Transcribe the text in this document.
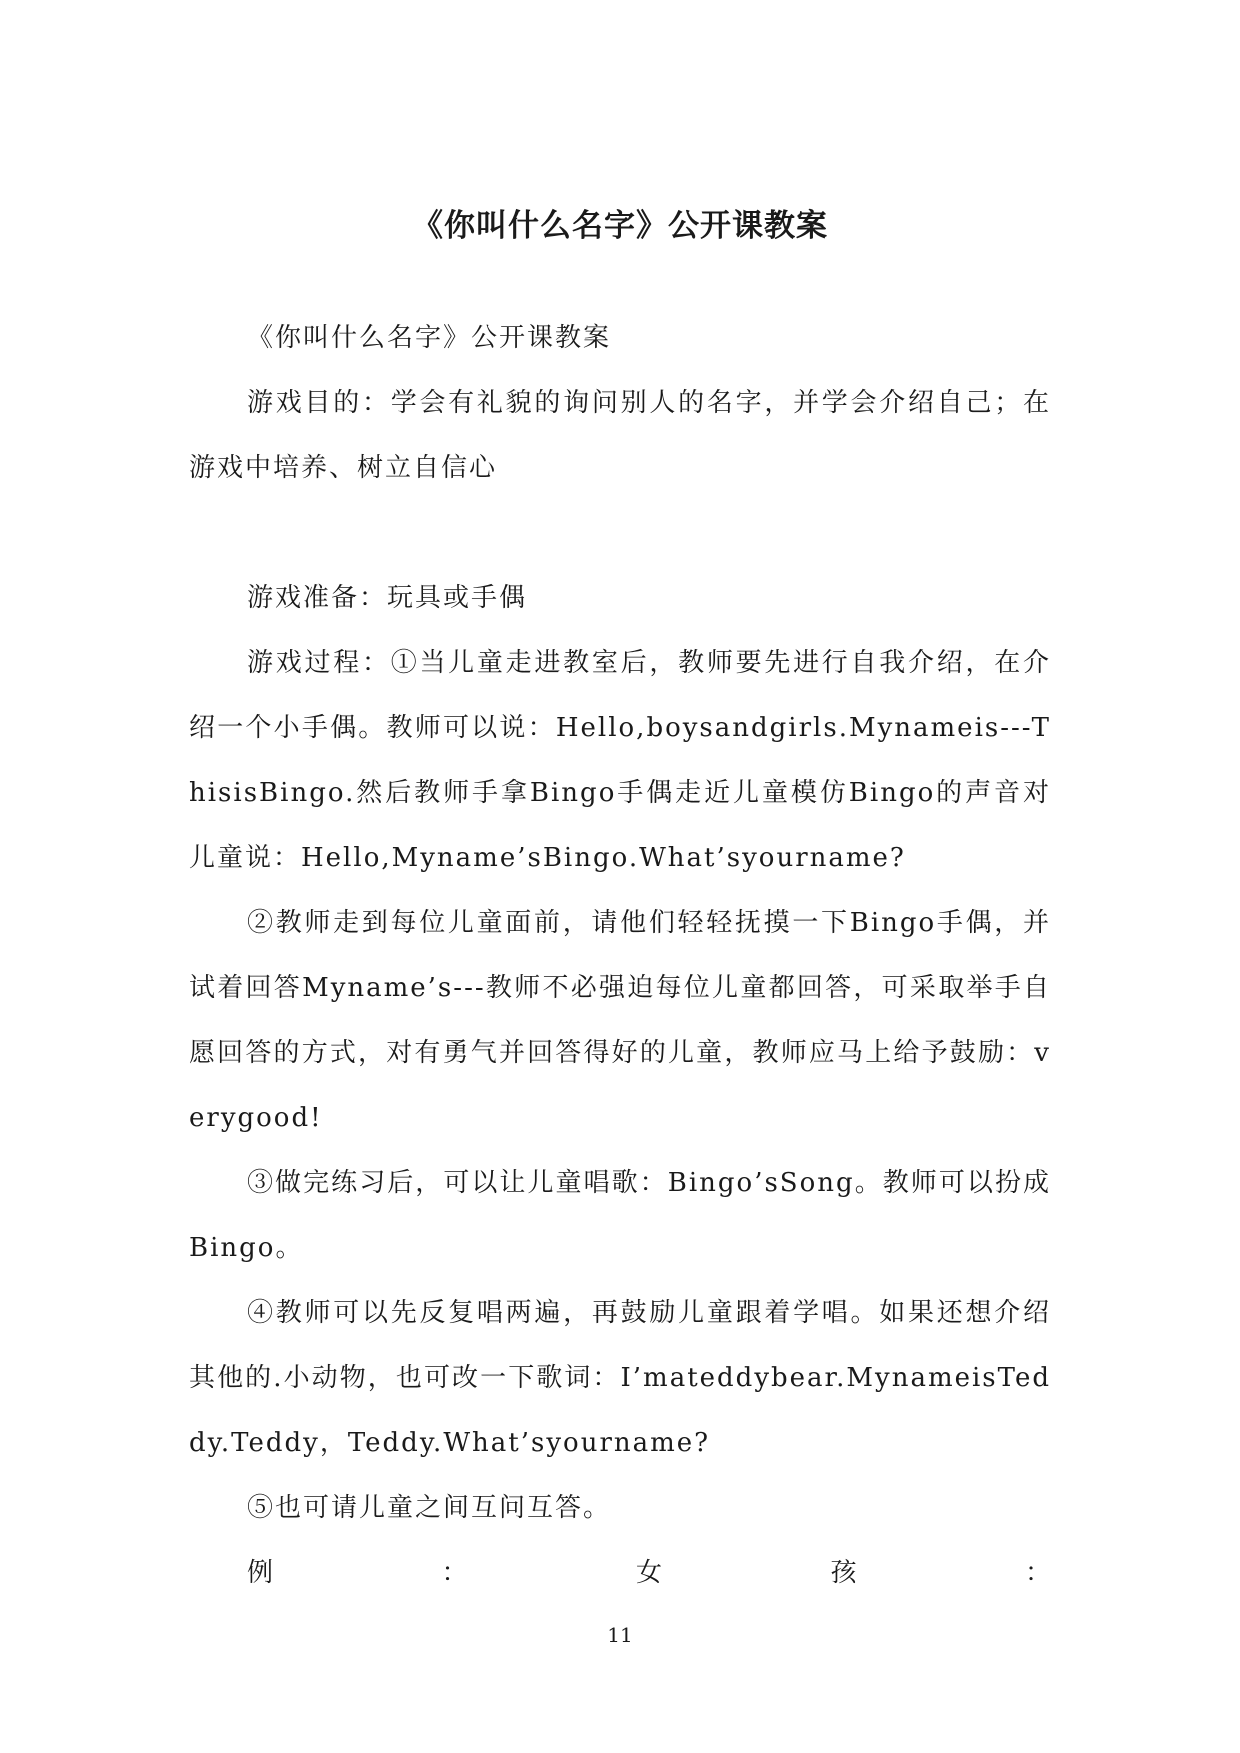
《你叫什么名字》公开课教案

《你叫什么名字》公开课教案

游戏目的：学会有礼貌的询问别人的名字，并学会介绍自己；在游戏中培养、树立自信心

游戏准备：玩具或手偶

游戏过程：①当儿童走进教室后，教师要先进行自我介绍，在介绍一个小手偶。教师可以说：Hello,boysandgirls.Mynameis---ThisisBingo.然后教师手拿Bingo手偶走近儿童模仿Bingo的声音对儿童说：Hello,Myname’sBingo.What’syourname?

②教师走到每位儿童面前，请他们轻轻抚摸一下Bingo手偶，并试着回答Myname’s---教师不必强迫每位儿童都回答，可采取举手自愿回答的方式，对有勇气并回答得好的儿童，教师应马上给予鼓励：verygood!

③做完练习后，可以让儿童唱歌：Bingo’sSong。教师可以扮成Bingo。

④教师可以先反复唱两遍，再鼓励儿童跟着学唱。如果还想介绍其他的.小动物，也可改一下歌词：I’mateddybear.MynameisTeddy.Teddy，Teddy.What’syourname?

⑤也可请儿童之间互问互答。

例	：	女	孩	：
11
